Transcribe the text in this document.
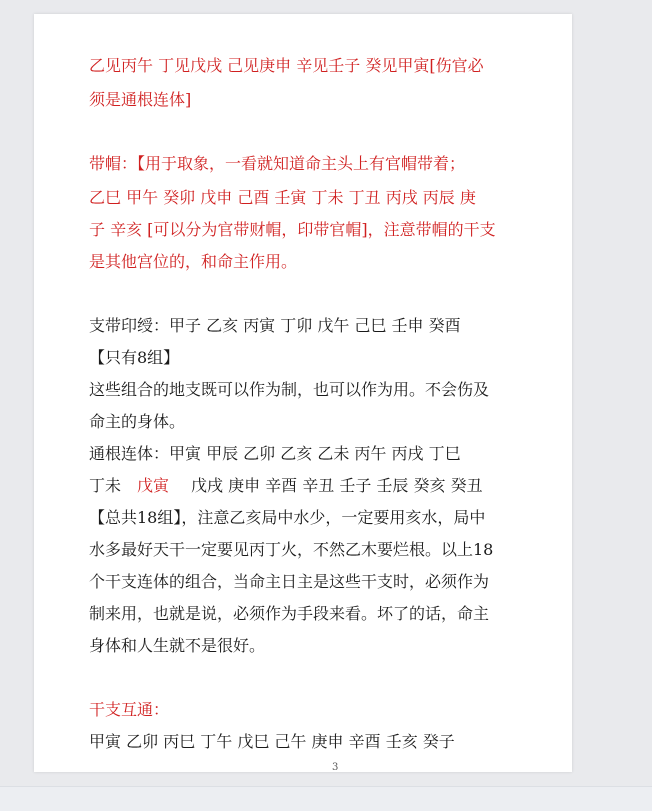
乙见丙午 丁见戊戌 己见庚申 辛见壬子 癸见甲寅[伤官必
须是通根连体]
带帽：【用于取象，一看就知道命主头上有官帽带着；
乙巳 甲午 癸卯 戊申 己酉 壬寅 丁未 丁丑 丙戌 丙辰 庚
子 辛亥 [可以分为官带财帽，印带官帽]，注意带帽的干支
是其他宫位的，和命主作用。
支带印绶：甲子 乙亥 丙寅 丁卯 戊午 己巳 壬申 癸酉
【只有8组】
这些组合的地支既可以作为制，也可以作为用。不会伤及
命主的身体。
通根连体：甲寅 甲辰 乙卯 乙亥 乙未 丙午 丙戌 丁巳
丁未 戊寅 戊戌 庚申 辛酉 辛丑 壬子 壬辰 癸亥 癸丑
【总共18组】，注意乙亥局中水少，一定要用亥水，局中
水多最好天干一定要见丙丁火，不然乙木要烂根。以上18
个干支连体的组合，当命主日主是这些干支时，必须作为
制来用，也就是说，必须作为手段来看。坏了的话，命主
身体和人生就不是很好。
干支互通：
甲寅 乙卯 丙巳 丁午 戊巳 己午 庚申 辛酉 壬亥 癸子
3
